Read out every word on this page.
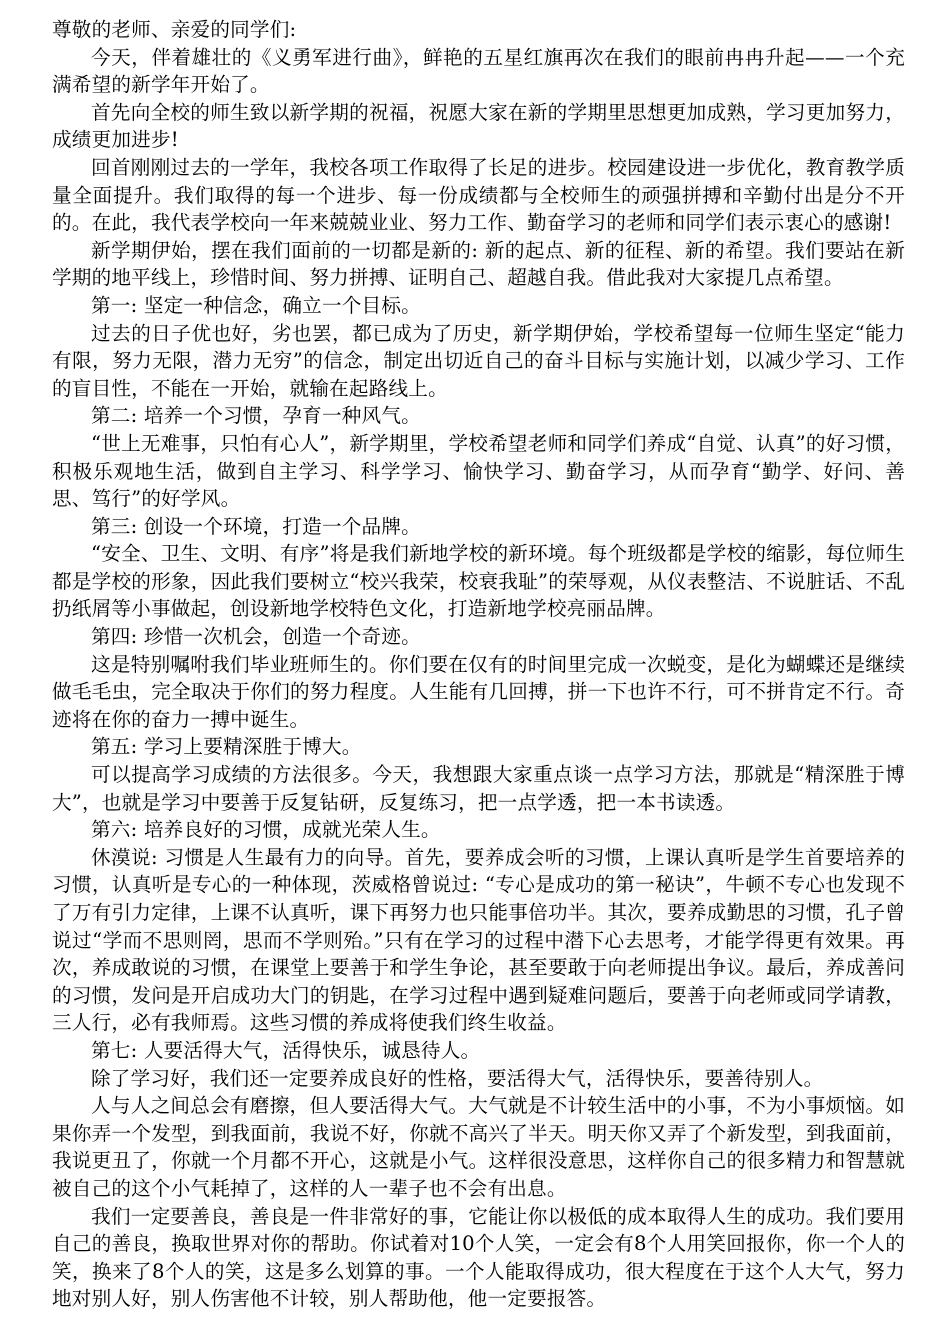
尊敬的老师、亲爱的同学们:

今天，伴着雄壮的《义勇军进行曲》，鲜艳的五星红旗再次在我们的眼前冉冉升起——一个充满希望的新学年开始了。

首先向全校的师生致以新学期的祝福，祝愿大家在新的学期里思想更加成熟，学习更加努力，成绩更加进步!

回首刚刚过去的一学年，我校各项工作取得了长足的进步。校园建设进一步优化，教育教学质量全面提升。我们取得的每一个进步、每一份成绩都与全校师生的顽强拼搏和辛勤付出是分不开的。在此，我代表学校向一年来兢兢业业、努力工作、勤奋学习的老师和同学们表示衷心的感谢!

新学期伊始，摆在我们面前的一切都是新的: 新的起点、新的征程、新的希望。我们要站在新学期的地平线上，珍惜时间、努力拼搏、证明自己、超越自我。借此我对大家提几点希望。

第一: 坚定一种信念，确立一个目标。

过去的日子优也好，劣也罢，都已成为了历史，新学期伊始，学校希望每一位师生坚定“能力有限，努力无限，潜力无穷”的信念，制定出切近自己的奋斗目标与实施计划，以减少学习、工作的盲目性，不能在一开始，就输在起路线上。

第二: 培养一个习惯，孕育一种风气。

“世上无难事，只怕有心人”，新学期里，学校希望老师和同学们养成“自觉、认真”的好习惯，积极乐观地生活，做到自主学习、科学学习、愉快学习、勤奋学习，从而孕育“勤学、好问、善思、笃行”的好学风。

第三: 创设一个环境，打造一个品牌。

“安全、卫生、文明、有序”将是我们新地学校的新环境。每个班级都是学校的缩影，每位师生都是学校的形象，因此我们要树立“校兴我荣，校衰我耻”的荣辱观，从仪表整洁、不说脏话、不乱扔纸屑等小事做起，创设新地学校特色文化，打造新地学校亮丽品牌。

第四: 珍惜一次机会，创造一个奇迹。

这是特别嘱咐我们毕业班师生的。你们要在仅有的时间里完成一次蜕变，是化为蝴蝶还是继续做毛毛虫，完全取决于你们的努力程度。人生能有几回搏，拼一下也许不行，可不拼肯定不行。奇迹将在你的奋力一搏中诞生。

第五: 学习上要精深胜于博大。

可以提高学习成绩的方法很多。今天，我想跟大家重点谈一点学习方法，那就是“精深胜于博大”，也就是学习中要善于反复钻研，反复练习，把一点学透，把一本书读透。

第六: 培养良好的习惯，成就光荣人生。

休漠说: 习惯是人生最有力的向导。首先，要养成会听的习惯，上课认真听是学生首要培养的习惯，认真听是专心的一种体现，茨威格曾说过: “专心是成功的第一秘诀”，牛顿不专心也发现不了万有引力定律，上课不认真听，课下再努力也只能事倍功半。其次，要养成勤思的习惯，孔子曾说过“学而不思则罔，思而不学则殆。”只有在学习的过程中潜下心去思考，才能学得更有效果。再次，养成敢说的习惯，在课堂上要善于和学生争论，甚至要敢于向老师提出争议。最后，养成善问的习惯，发问是开启成功大门的钥匙，在学习过程中遇到疑难问题后，要善于向老师或同学请教，三人行，必有我师焉。这些习惯的养成将使我们终生收益。

第七: 人要活得大气，活得快乐，诚恳待人。

除了学习好，我们还一定要养成良好的性格，要活得大气，活得快乐，要善待别人。

人与人之间总会有磨擦，但人要活得大气。大气就是不计较生活中的小事，不为小事烦恼。如果你弄一个发型，到我面前，我说不好，你就不高兴了半天。明天你又弄了个新发型，到我面前，我说更丑了，你就一个月都不开心，这就是小气。这样很没意思，这样你自己的很多精力和智慧就被自己的这个小气耗掉了，这样的人一辈子也不会有出息。

我们一定要善良，善良是一件非常好的事，它能让你以极低的成本取得人生的成功。我们要用自己的善良，换取世界对你的帮助。你试着对10个人笑，一定会有8个人用笑回报你，你一个人的笑，换来了8个人的笑，这是多么划算的事。一个人能取得成功，很大程度在于这个人大气，努力地对别人好，别人伤害他不计较，别人帮助他，他一定要报答。
